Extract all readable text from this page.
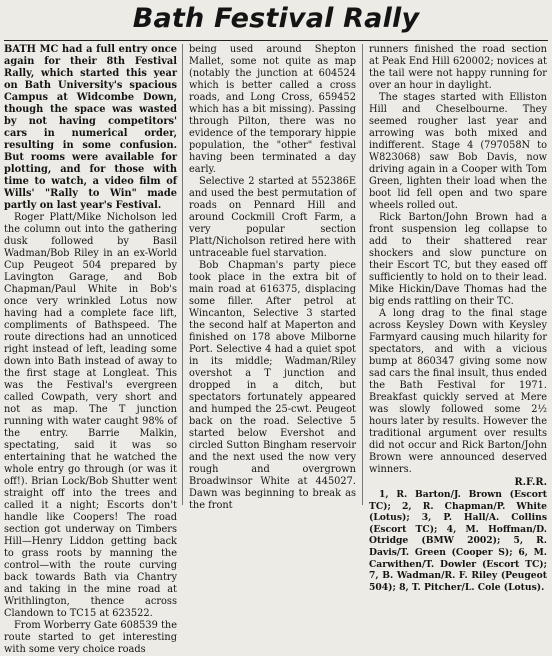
Bath Festival Rally

BATH MC had a full entry once again for their 8th Festival Rally, which started this year on Bath University's spacious Campus at Widcombe Down, though the space was wasted by not having competitors' cars in numerical order, resulting in some confusion. But rooms were available for plotting, and for those with time to watch, a video film of Wills' "Rally to Win" made partly on last year's Festival.

Roger Platt/Mike Nicholson led the column out into the gathering dusk followed by Basil Wadman/Bob Riley in an ex-World Cup Peugeot 504 prepared by Lavington Garage, and Bob Chapman/Paul White in Bob's once very wrinkled Lotus now having had a complete face lift, compliments of Bathspeed. The route directions had an unnoticed right instead of left, leading some down into Bath instead of away to the first stage at Longleat. This was the Festival's evergreen called Cowpath, very short and not as map. The T junction running with water caught 98% of the entry. Barrie Malkin, spectating, said it was so entertaining that he watched the whole entry go through (or was it off!). Brian Lock/Bob Shutter went straight off into the trees and called it a night; Escorts don't handle like Coopers! The road section got underway on Timbers Hill—Henry Liddon getting back to grass roots by manning the control—with the route curving back towards Bath via Chantry and taking in the mine road at Writhlington, thence across Clandown to TC15 at 623522.

From Worberry Gate 608539 the route started to get interesting with some very choice roads

being used around Shepton Mallet, some not quite as map (notably the junction at 604524 which is better called a cross roads, and Long Cross, 659452 which has a bit missing). Passing through Pilton, there was no evidence of the temporary hippie population, the "other" festival having been terminated a day early.

Selective 2 started at 552386E and used the best permutation of roads on Pennard Hill and around Cockmill Croft Farm, a very popular section Platt/Nicholson retired here with untraceable fuel starvation.

Bob Chapman's party piece took place in the extra bit of main road at 616375, displacing some filler. After petrol at Wincanton, Selective 3 started the second half at Maperton and finished on 178 above Milborne Port. Selective 4 had a quiet spot in its middle; Wadman/Riley overshot a T junction and dropped in a ditch, but spectators fortunately appeared and humped the 25-cwt. Peugeot back on the road. Selective 5 started below Evershot and circled Sutton Bingham reservoir and the next used the now very rough and overgrown Broadwinsor White at 445027. Dawn was beginning to break as the front

runners finished the road section at Peak End Hill 620002; novices at the tail were not happy running for over an hour in daylight.

The stages started with Elliston Hill and Cheselbourne. They seemed rougher last year and arrowing was both mixed and indifferent. Stage 4 (797058N to W823068) saw Bob Davis, now driving again in a Cooper with Tom Green, lighten their load when the boot lid fell open and two spare wheels rolled out.

Rick Barton/John Brown had a front suspension leg collapse to add to their shattered rear shockers and slow puncture on their Escort TC, but they eased off sufficiently to hold on to their lead. Mike Hickin/Dave Thomas had the big ends rattling on their TC.

A long drag to the final stage across Keysley Down with Keysley Farmyard causing much hilarity for spectators, and with a vicious bump at 860347 giving some now sad cars the final insult, thus ended the Bath Festival for 1971. Breakfast quickly served at Mere was slowly followed some 2½ hours later by results. However the traditional argument over results did not occur and Rick Barton/John Brown were announced deserved winners.

R.F.R.

1, R. Barton/J. Brown (Escort TC); 2, R. Chapman/P. White (Lotus); 3, P. Hall/A. Collins (Escort TC); 4, M. Hoffman/D. Otridge (BMW 2002); 5, R. Davis/T. Green (Cooper S); 6, M. Carwithen/T. Dowler (Escort TC); 7, B. Wadman/R. F. Riley (Peugeot 504); 8, T. Pitcher/L. Cole (Lotus).
